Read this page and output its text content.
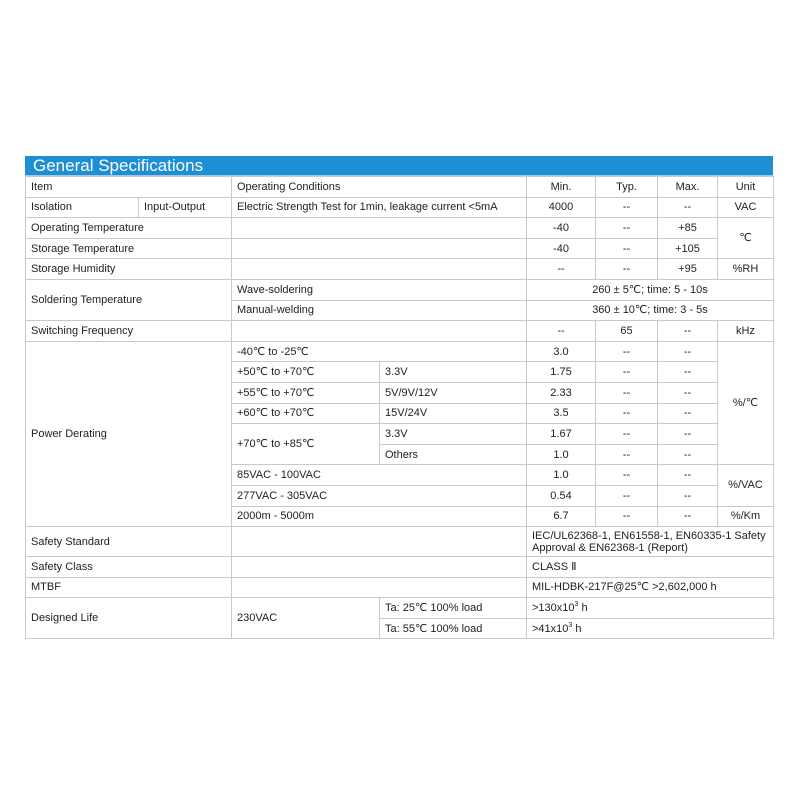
General Specifications
Item		Operating Conditions		Min.	Typ.	Max.	Unit
Isolation	Input-Output	Electric Strength Test for 1min, leakage current <5mA		4000	--	--	VAC
Operating Temperature				-40	--	+85	℃
Storage Temperature				-40	--	+105	
Storage Humidity				--	--	+95	%RH
Soldering Temperature		Wave-soldering		260 ± 5℃; time: 5 - 10s			
		Manual-welding		360 ± 10℃; time: 3 - 5s			
Switching Frequency				--	65	--	kHz
Power Derating		-40℃ to -25℃		3.0	--	--	%/℃
		+50℃ to +70℃	3.3V	1.75	--	--	
		+55℃ to +70℃	5V/9V/12V	2.33	--	--	
		+60℃ to +70℃	15V/24V	3.5	--	--	
		+70℃ to +85℃	3.3V	1.67	--	--	
			Others	1.0	--	--	
		85VAC - 100VAC		1.0	--	--	%/VAC
		277VAC - 305VAC		0.54	--	--	
		2000m - 5000m		6.7	--	--	%/Km
Safety Standard				IEC/UL62368-1, EN61558-1, EN60335-1 Safety Approval & EN62368-1 (Report)			
Safety Class				CLASS Ⅱ			
MTBF				MIL-HDBK-217F@25℃ >2,602,000 h			
Designed Life		230VAC	Ta: 25℃ 100% load	$>130x10^3$ h			
			Ta: 55℃ 100% load	$>41x10^3$ h			
